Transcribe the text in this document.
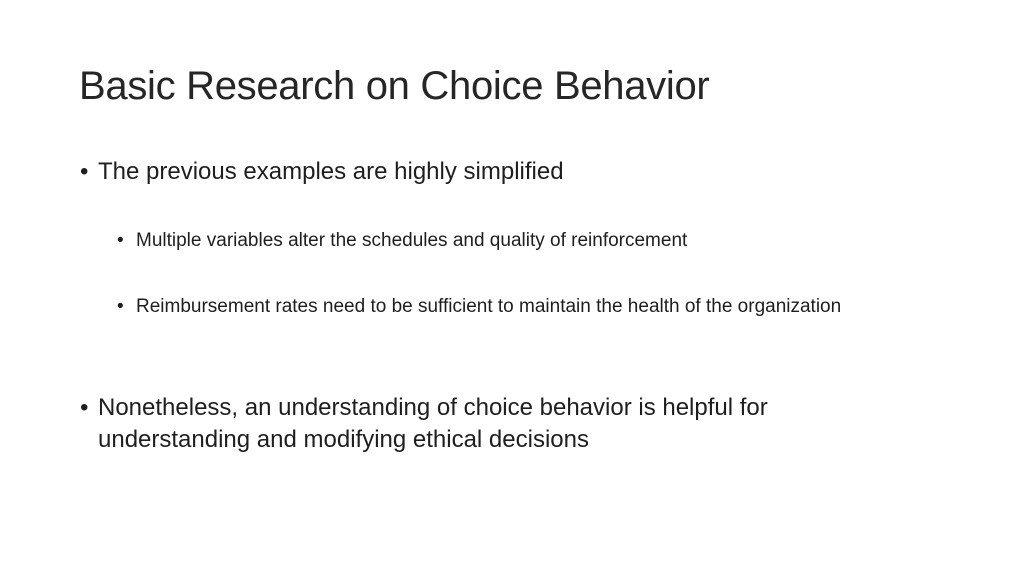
Basic Research on Choice Behavior
• The previous examples are highly simplified
• Multiple variables alter the schedules and quality of reinforcement
• Reimbursement rates need to be sufficient to maintain the health of the organization
• Nonetheless, an understanding of choice behavior is helpful for understanding and modifying ethical decisions
